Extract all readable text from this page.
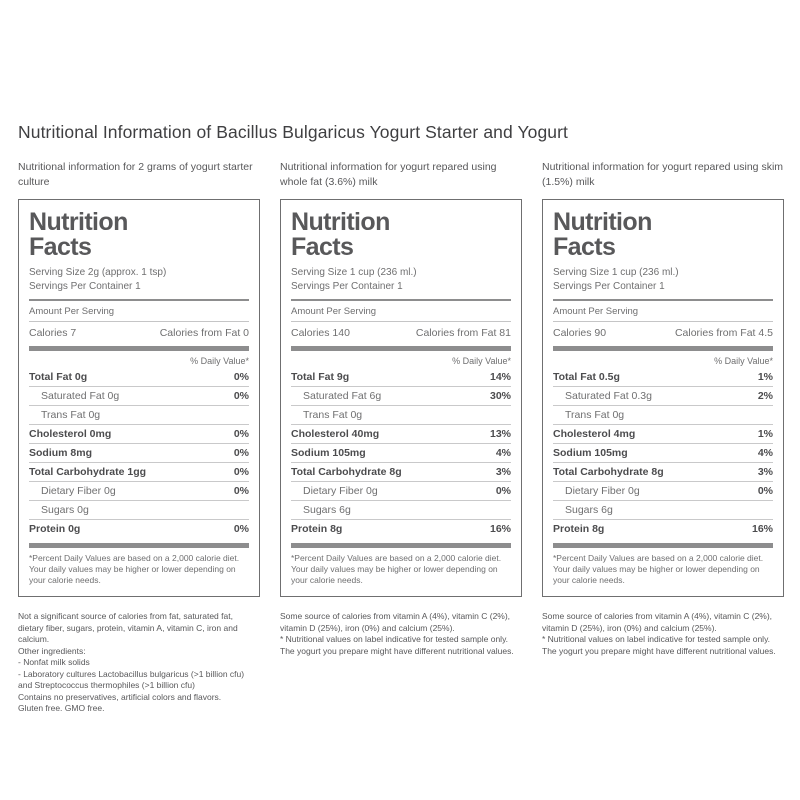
Nutritional Information of Bacillus Bulgaricus Yogurt Starter and Yogurt
Nutritional information for 2 grams of yogurt starter culture
Nutrition
Facts
Serving Size 2g (approx. 1 tsp)
Servings Per Container 1
Amount Per Serving
Calories 7	Calories from Fat 0
% Daily Value*
Total Fat 0g	0%
Saturated Fat 0g	0%
Trans Fat 0g
Cholesterol 0mg	0%
Sodium 8mg	0%
Total Carbohydrate 1gg	0%
Dietary Fiber 0g	0%
Sugars 0g
Protein 0g	0%
*Percent Daily Values are based on a 2,000 calorie diet. Your daily values may be higher or lower depending on your calorie needs.

Not a significant source of calories from fat, saturated fat, dietary fiber, sugars, protein, vitamin A, vitamin C, iron and calcium.

Other ingredients:

- Nonfat milk solids

- Laboratory cultures Lactobacillus bulgaricus (>1 billion cfu) and Streptococcus thermophiles (>1 billion cfu)

Contains no preservatives, artificial colors and flavors.

Gluten free. GMO free.

Nutritional information for yogurt repared using whole fat (3.6%) milk
Nutrition
Facts
Serving Size 1 cup (236 ml.)
Servings Per Container 1
Amount Per Serving
Calories 140	Calories from Fat 81
% Daily Value*
Total Fat 9g	14%
Saturated Fat 6g	30%
Trans Fat 0g
Cholesterol 40mg	13%
Sodium 105mg	4%
Total Carbohydrate 8g	3%
Dietary Fiber 0g	0%
Sugars 6g
Protein 8g	16%
*Percent Daily Values are based on a 2,000 calorie diet. Your daily values may be higher or lower depending on your calorie needs.

Some source of calories from vitamin A (4%), vitamin C (2%), vitamin D (25%), iron (0%) and calcium (25%).

* Nutritional values on label indicative for tested sample only. The yogurt you prepare might have different nutritional values.

Nutritional information for yogurt repared using skim (1.5%) milk
Nutrition
Facts
Serving Size 1 cup (236 ml.)
Servings Per Container 1
Amount Per Serving
Calories 90	Calories from Fat 4.5
% Daily Value*
Total Fat 0.5g	1%
Saturated Fat 0.3g	2%
Trans Fat 0g
Cholesterol 4mg	1%
Sodium 105mg	4%
Total Carbohydrate 8g	3%
Dietary Fiber 0g	0%
Sugars 6g
Protein 8g	16%
*Percent Daily Values are based on a 2,000 calorie diet. Your daily values may be higher or lower depending on your calorie needs.

Some source of calories from vitamin A (4%), vitamin C (2%), vitamin D (25%), iron (0%) and calcium (25%).

* Nutritional values on label indicative for tested sample only. The yogurt you prepare might have different nutritional values.
